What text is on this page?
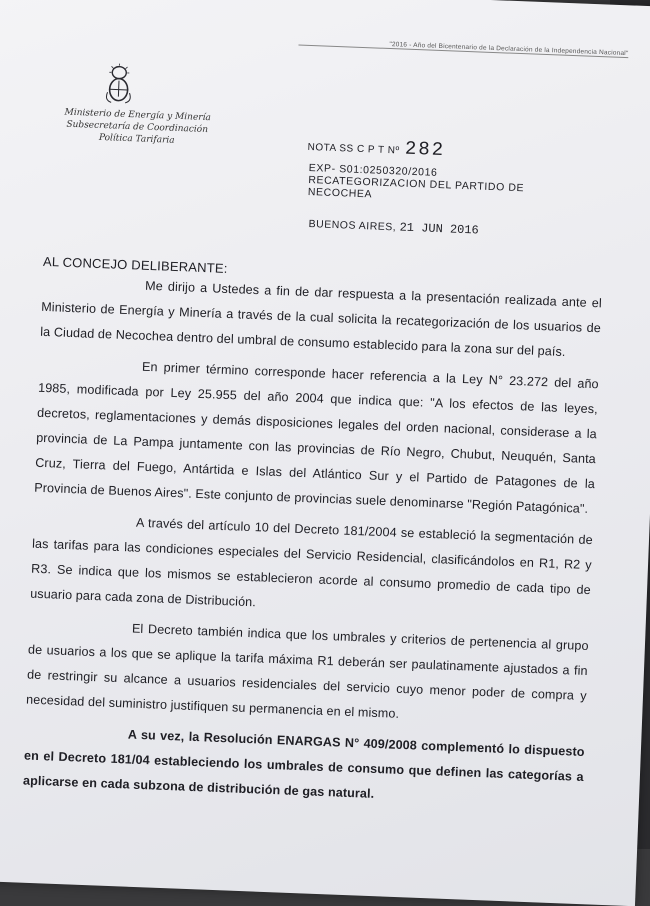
"2016 - Año del Bicentenario de la Declaración de la Independencia Nacional"
Ministerio de Energía y Minería
Subsecretaría de Coordinación
Política Tarifaria
NOTA SS C P T Nº 282
EXP- S01:0250320/2016
RECATEGORIZACION DEL PARTIDO DE NECOCHEA
BUENOS AIRES, 21 JUN 2016
AL CONCEJO DELIBERANTE:

Me dirijo a Ustedes a fin de dar respuesta a la presentación realizada ante el Ministerio de Energía y Minería a través de la cual solicita la recategorización de los usuarios de la Ciudad de Necochea dentro del umbral de consumo establecido para la zona sur del país.

En primer término corresponde hacer referencia a la Ley N° 23.272 del año 1985, modificada por Ley 25.955 del año 2004 que indica que: "A los efectos de las leyes, decretos, reglamentaciones y demás disposiciones legales del orden nacional, considerase a la provincia de La Pampa juntamente con las provincias de Río Negro, Chubut, Neuquén, Santa Cruz, Tierra del Fuego, Antártida e Islas del Atlántico Sur y el Partido de Patagones de la Provincia de Buenos Aires". Este conjunto de provincias suele denominarse "Región Patagónica".

A través del artículo 10 del Decreto 181/2004 se estableció la segmentación de las tarifas para las condiciones especiales del Servicio Residencial, clasificándolos en R1, R2 y R3. Se indica que los mismos se establecieron acorde al consumo promedio de cada tipo de usuario para cada zona de Distribución.

El Decreto también indica que los umbrales y criterios de pertenencia al grupo de usuarios a los que se aplique la tarifa máxima R1 deberán ser paulatinamente ajustados a fin de restringir su alcance a usuarios residenciales del servicio cuyo menor poder de compra y necesidad del suministro justifiquen su permanencia en el mismo.

A su vez, la Resolución ENARGAS N° 409/2008 complementó lo dispuesto en el Decreto 181/04 estableciendo los umbrales de consumo que definen las categorías a aplicarse en cada subzona de distribución de gas natural.
